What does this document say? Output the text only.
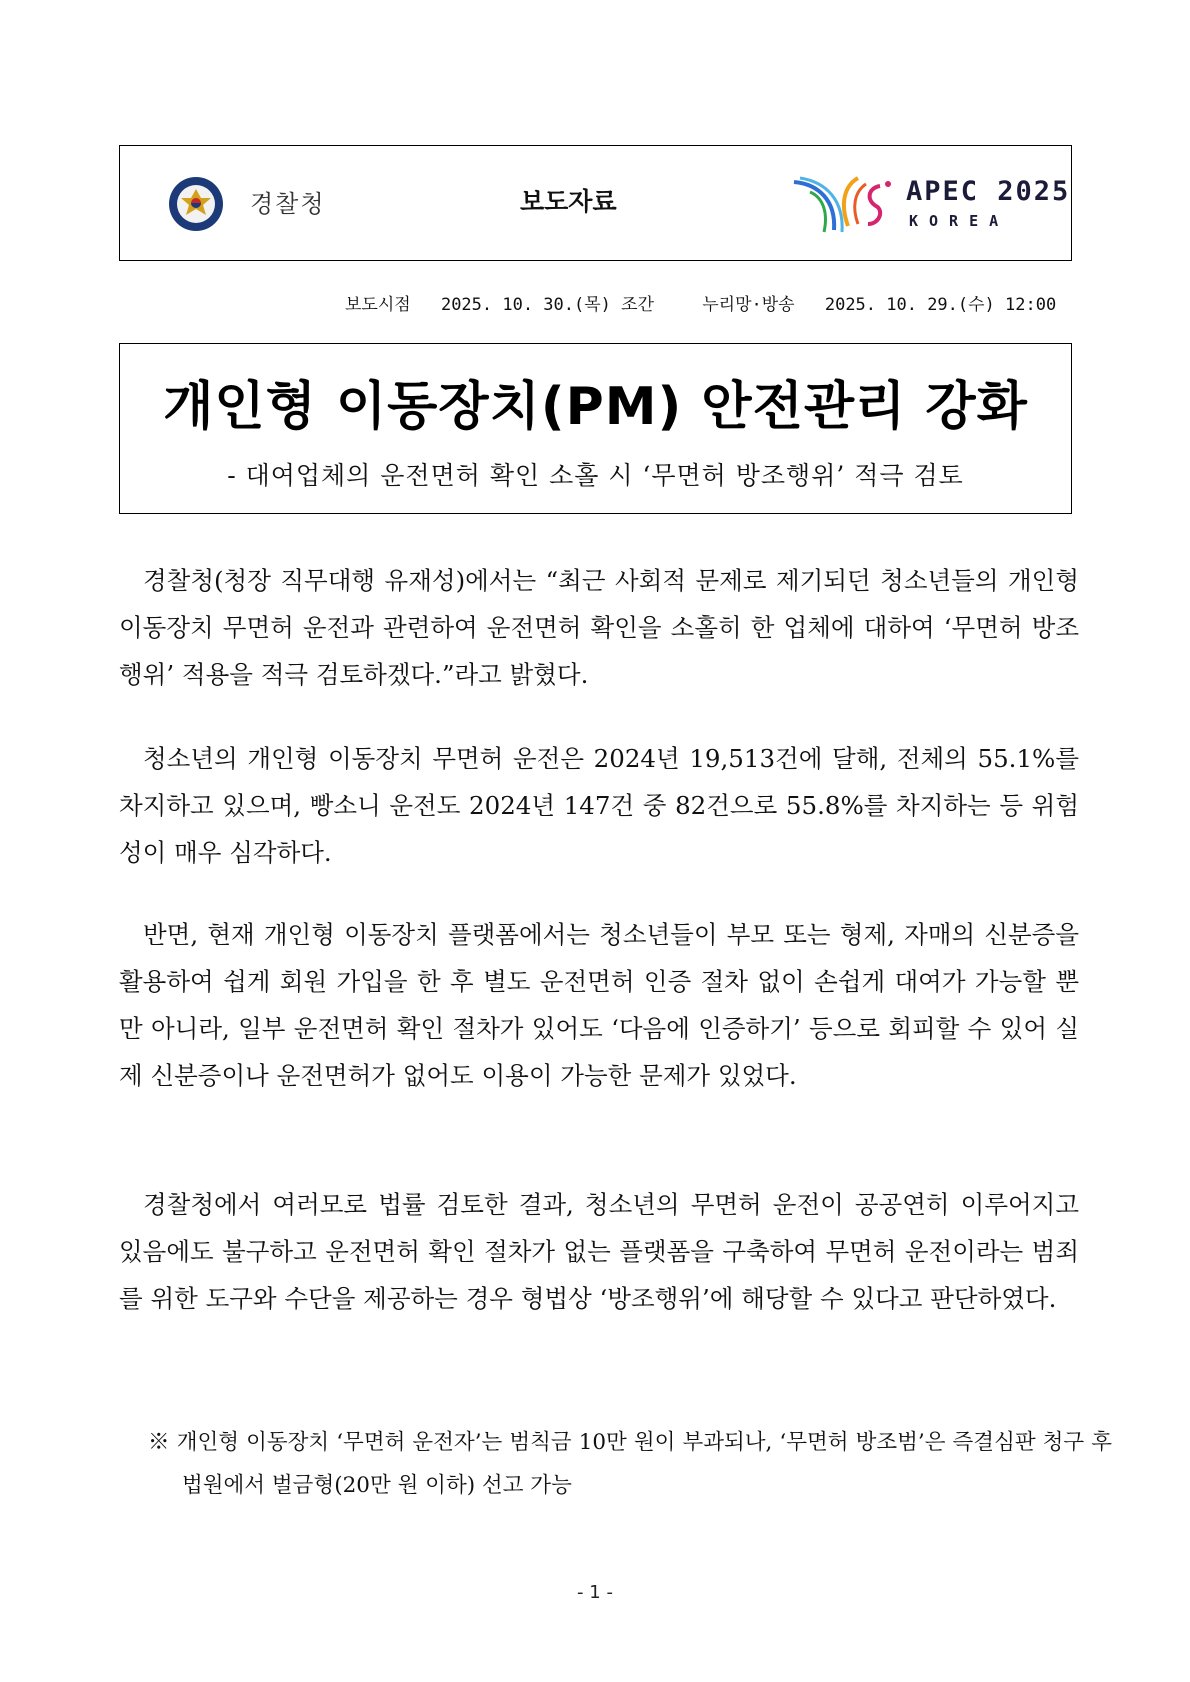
경찰청	보도자료	APEC 2025
KOREA
보도시점 2025. 10. 30.(목) 조간	누리망·방송 2025. 10. 29.(수) 12:00
개인형 이동장치(PM) 안전관리 강화
- 대여업체의 운전면허 확인 소홀 시 ‘무면허 방조행위’ 적극 검토

경찰청(청장 직무대행 유재성)에서는 “최근 사회적 문제로 제기되던 청소년들의 개인형 이동장치 무면허 운전과 관련하여 운전면허 확인을 소홀히 한 업체에 대하여 ‘무면허 방조행위’ 적용을 적극 검토하겠다.”라고 밝혔다.

청소년의 개인형 이동장치 무면허 운전은 2024년 19,513건에 달해, 전체의 55.1%를 차지하고 있으며, 빵소니 운전도 2024년 147건 중 82건으로 55.8%를 차지하는 등 위험성이 매우 심각하다.

반면, 현재 개인형 이동장치 플랫폼에서는 청소년들이 부모 또는 형제, 자매의 신분증을 활용하여 쉽게 회원 가입을 한 후 별도 운전면허 인증 절차 없이 손쉽게 대여가 가능할 뿐만 아니라, 일부 운전면허 확인 절차가 있어도 ‘다음에 인증하기’ 등으로 회피할 수 있어 실제 신분증이나 운전면허가 없어도 이용이 가능한 문제가 있었다.

경찰청에서 여러모로 법률 검토한 결과, 청소년의 무면허 운전이 공공연히 이루어지고 있음에도 불구하고 운전면허 확인 절차가 없는 플랫폼을 구축하여 무면허 운전이라는 범죄를 위한 도구와 수단을 제공하는 경우 형법상 ‘방조행위’에 해당할 수 있다고 판단하였다.

※ 개인형 이동장치 ‘무면허 운전자’는 범칙금 10만 원이 부과되나, ‘무면허 방조범’은 즉결심판 청구 후 법원에서 벌금형(20만 원 이하) 선고 가능

- 1 -
